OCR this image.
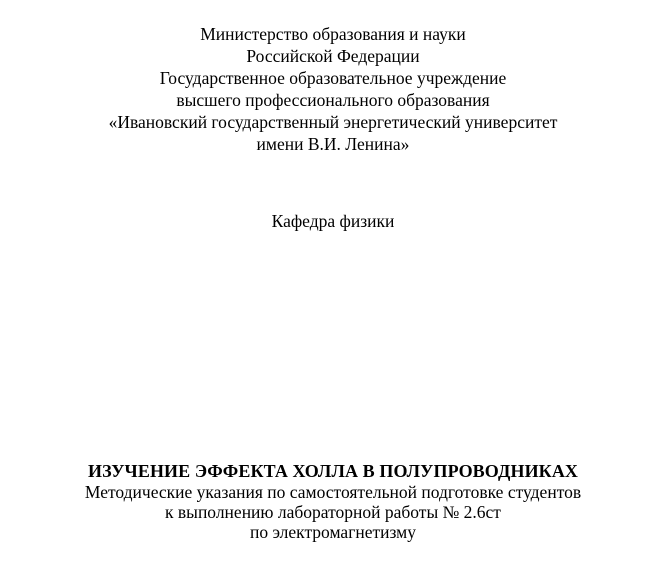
Министерство образования и науки
Российской Федерации
Государственное образовательное учреждение
высшего профессионального образования
«Ивановский государственный энергетический университет
имени В.И. Ленина»
Кафедра физики
ИЗУЧЕНИЕ ЭФФЕКТА ХОЛЛА В ПОЛУПРОВОДНИКАХ
Методические указания по самостоятельной подготовке студентов
к выполнению лабораторной работы № 2.6ст
по электромагнетизму
